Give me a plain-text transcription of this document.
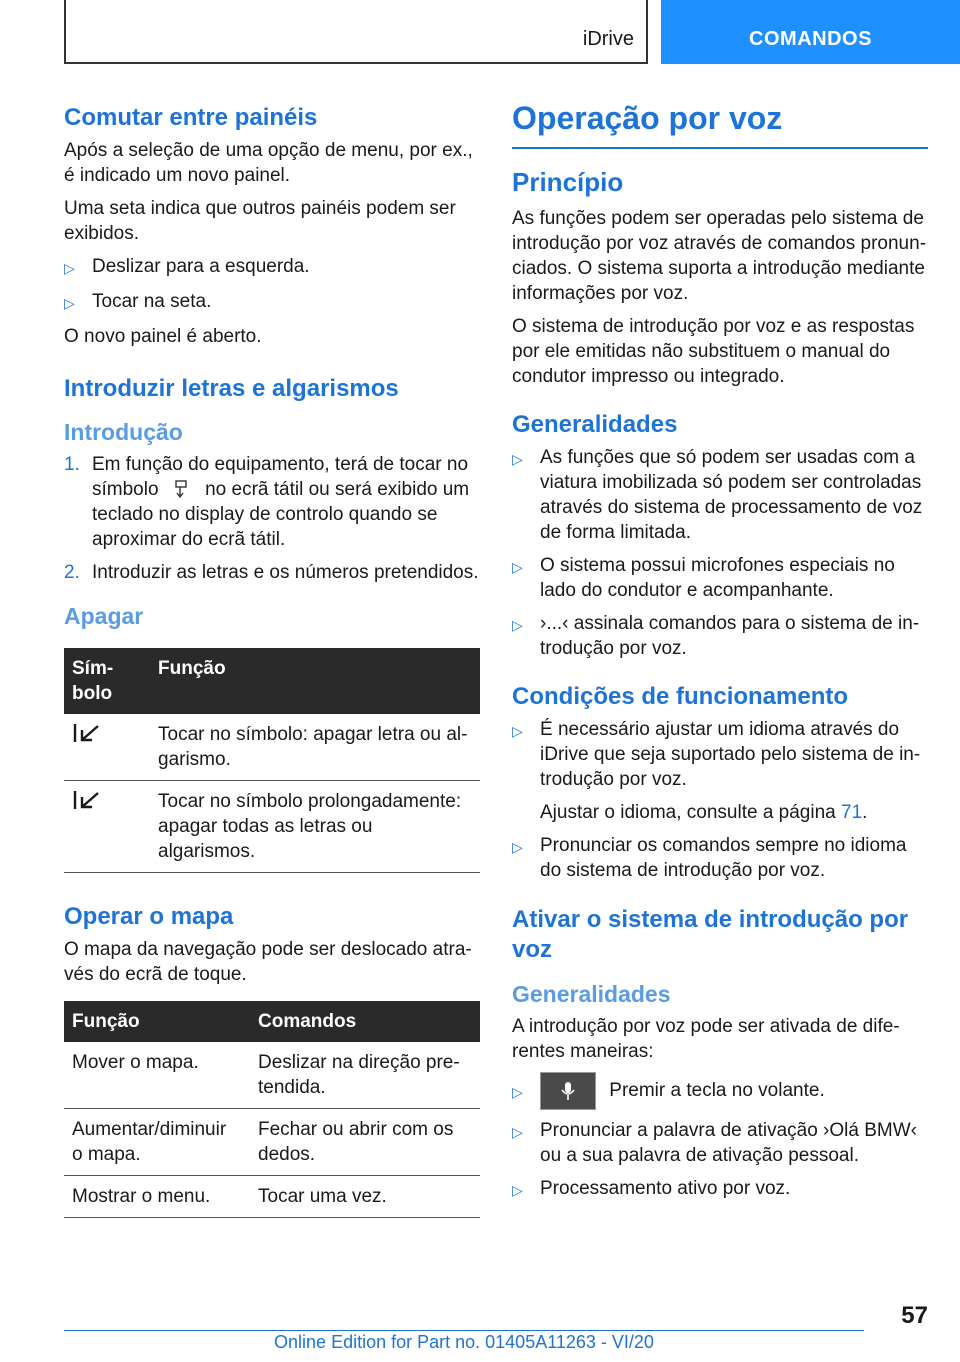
iDrive	COMANDOS
Comutar entre painéis

Após a seleção de uma opção de menu, por ex., é indicado um novo painel.

Uma seta indica que outros painéis podem ser exibidos.

▷ Deslizar para a esquerda.
▷ Tocar na seta.

O novo painel é aberto.

Introduzir letras e algarismos
Introdução
1. Em função do equipamento, terá de tocar no símbolo no ecrã tátil ou será exibido um teclado no display de controlo quando se aproximar do ecrã tátil.
2. Introduzir as letras e os números pretendidos.
Apagar
Sím-bolo	Função
	Tocar no símbolo: apagar letra ou al-garismo.
	Tocar no símbolo prolongadamente: apagar todas as letras ou algarismos.
Operar o mapa

O mapa da navegação pode ser deslocado atra-vés do ecrã de toque.

Função	Comandos
Mover o mapa.	Deslizar na direção pre-tendida.
Aumentar/diminuir o mapa.	Fechar ou abrir com os dedos.
Mostrar o menu.	Tocar uma vez.
Operação por voz
Princípio

As funções podem ser operadas pelo sistema de introdução por voz através de comandos pronun-ciados. O sistema suporta a introdução mediante informações por voz.

O sistema de introdução por voz e as respostas por ele emitidas não substituem o manual do condutor impresso ou integrado.

Generalidades
▷ As funções que só podem ser usadas com a viatura imobilizada só podem ser controladas através do sistema de processamento de voz de forma limitada.
▷ O sistema possui microfones especiais no lado do condutor e acompanhante.
▷ ›...‹ assinala comandos para o sistema de in-trodução por voz.
Condições de funcionamento
▷ É necessário ajustar um idioma através do iDrive que seja suportado pelo sistema de in-trodução por voz.
Ajustar o idioma, consulte a página 71.
▷ Pronunciar os comandos sempre no idioma do sistema de introdução por voz.
Ativar o sistema de introdução por voz
Generalidades

A introdução por voz pode ser ativada de dife-rentes maneiras:

▷	Premir a tecla no volante.
▷ Pronunciar a palavra de ativação ›Olá BMW‹ ou a sua palavra de ativação pessoal.
▷ Processamento ativo por voz.
57
Online Edition for Part no. 01405A11263 - VI/20
